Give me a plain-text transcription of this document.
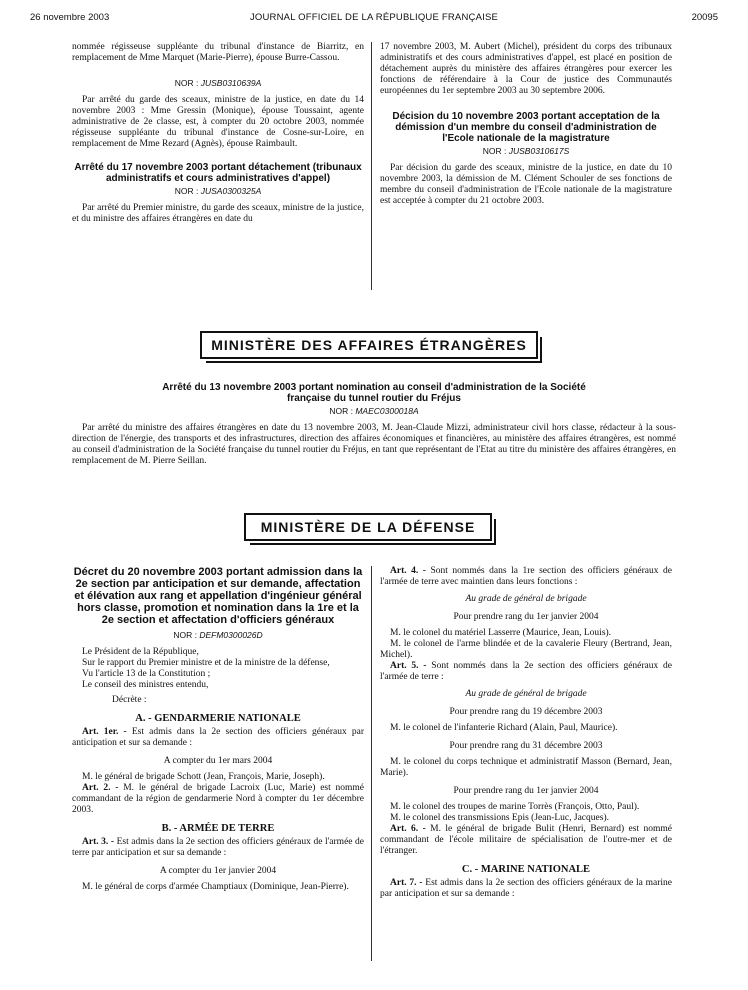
26 novembre 2003	JOURNAL OFFICIEL DE LA RÉPUBLIQUE FRANÇAISE	20095

nommée régisseuse suppléante du tribunal d'instance de Biarritz, en remplacement de Mme Marquet (Marie-Pierre), épouse Burre-Cassou.

NOR : JUSB0310639A

Par arrêté du garde des sceaux, ministre de la justice, en date du 14 novembre 2003 : Mme Gressin (Monique), épouse Toussaint, agente administrative de 2e classe, est, à compter du 20 octobre 2003, nommée régisseuse suppléante du tribunal d'instance de Cosne-sur-Loire, en remplacement de Mme Rezard (Agnès), épouse Raimbault.

Arrêté du 17 novembre 2003 portant détachement (tribunaux administratifs et cours administratives d'appel)
NOR : JUSA0300325A

Par arrêté du Premier ministre, du garde des sceaux, ministre de la justice, et du ministre des affaires étrangères en date du

17 novembre 2003, M. Aubert (Michel), président du corps des tribunaux administratifs et des cours administratives d'appel, est placé en position de détachement auprès du ministère des affaires étrangères pour exercer les fonctions de référendaire à la Cour de justice des Communautés européennes du 1er septembre 2003 au 30 septembre 2006.

Décision du 10 novembre 2003 portant acceptation de la démission d'un membre du conseil d'administration de l'Ecole nationale de la magistrature
NOR : JUSB0310617S

Par décision du garde des sceaux, ministre de la justice, en date du 10 novembre 2003, la démission de M. Clément Schouler de ses fonctions de membre du conseil d'administration de l'Ecole nationale de la magistrature est acceptée à compter du 21 octobre 2003.

MINISTÈRE DES AFFAIRES ÉTRANGÈRES
Arrêté du 13 novembre 2003 portant nomination au conseil d'administration de la Société française du tunnel routier du Fréjus
NOR : MAEC0300018A

Par arrêté du ministre des affaires étrangères en date du 13 novembre 2003, M. Jean-Claude Mizzi, administrateur civil hors classe, rédacteur à la sous-direction de l'énergie, des transports et des infrastructures, direction des affaires économiques et financières, au ministère des affaires étrangères, est nommé au conseil d'administration de la Société française du tunnel routier du Fréjus, en tant que représentant de l'Etat au titre du ministère des affaires étrangères, en remplacement de M. Pierre Seillan.

MINISTÈRE DE LA DÉFENSE
Décret du 20 novembre 2003 portant admission dans la 2e section par anticipation et sur demande, affectation et élévation aux rang et appellation d'ingénieur général hors classe, promotion et nomination dans la 1re et la 2e section et affectation d'officiers généraux
NOR : DEFM0300026D

Le Président de la République,

Sur le rapport du Premier ministre et de la ministre de la défense,

Vu l'article 13 de la Constitution ;

Le conseil des ministres entendu,

Décrète :

A. - GENDARMERIE NATIONALE

Art. 1er. - Est admis dans la 2e section des officiers généraux par anticipation et sur sa demande :

A compter du 1er mars 2004

M. le général de brigade Schott (Jean, François, Marie, Joseph).

Art. 2. - M. le général de brigade Lacroix (Luc, Marie) est nommé commandant de la région de gendarmerie Nord à compter du 1er décembre 2003.

B. - ARMÉE DE TERRE

Art. 3. - Est admis dans la 2e section des officiers généraux de l'armée de terre par anticipation et sur sa demande :

A compter du 1er janvier 2004

M. le général de corps d'armée Champtiaux (Dominique, Jean-Pierre).

Art. 4. - Sont nommés dans la 1re section des officiers généraux de l'armée de terre avec maintien dans leurs fonctions :

Au grade de général de brigade
Pour prendre rang du 1er janvier 2004

M. le colonel du matériel Lasserre (Maurice, Jean, Louis).

M. le colonel de l'arme blindée et de la cavalerie Fleury (Bertrand, Jean, Michel).

Art. 5. - Sont nommés dans la 2e section des officiers généraux de l'armée de terre :

Au grade de général de brigade
Pour prendre rang du 19 décembre 2003

M. le colonel de l'infanterie Richard (Alain, Paul, Maurice).

Pour prendre rang du 31 décembre 2003

M. le colonel du corps technique et administratif Masson (Bernard, Jean, Marie).

Pour prendre rang du 1er janvier 2004

M. le colonel des troupes de marine Torrès (François, Otto, Paul).

M. le colonel des transmissions Epis (Jean-Luc, Jacques).

Art. 6. - M. le général de brigade Bulit (Henri, Bernard) est nommé commandant de l'école militaire de spécialisation de l'outre-mer et de l'étranger.

C. - MARINE NATIONALE

Art. 7. - Est admis dans la 2e section des officiers généraux de la marine par anticipation et sur sa demande :
